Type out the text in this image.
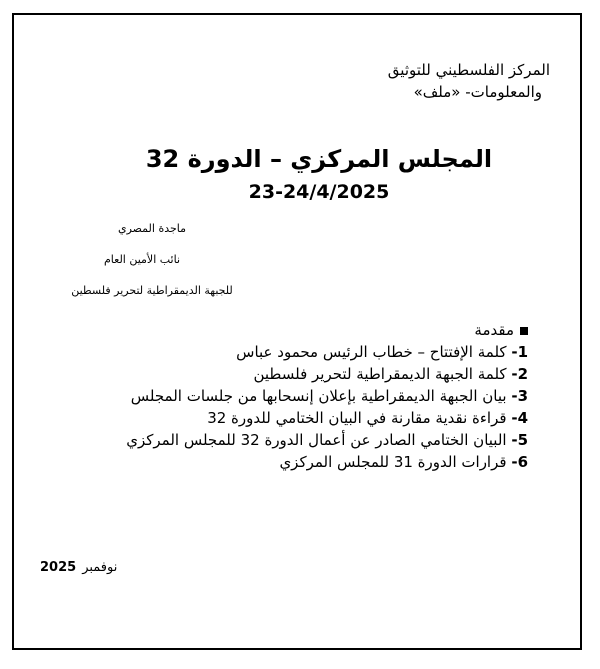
المركز الفلسطيني للتوثيق
والمعلومات- «ملف»
المجلس المركزي – الدورة 32
23-24/4/2025
ماجدة المصري
نائب الأمين العام
للجبهة الديمقراطية لتحرير فلسطين
مقدمة
1- كلمة الإفتتاح – خطاب الرئيس محمود عباس
2- كلمة الجبهة الديمقراطية لتحرير فلسطين
3- بيان الجبهة الديمقراطية بإعلان إنسحابها من جلسات المجلس
4- قراءة نقدية مقارنة في البيان الختامي للدورة 32
5- البيان الختامي الصادر عن أعمال الدورة 32 للمجلس المركزي
6- قرارات الدورة 31 للمجلس المركزي
نوفمبر2025
